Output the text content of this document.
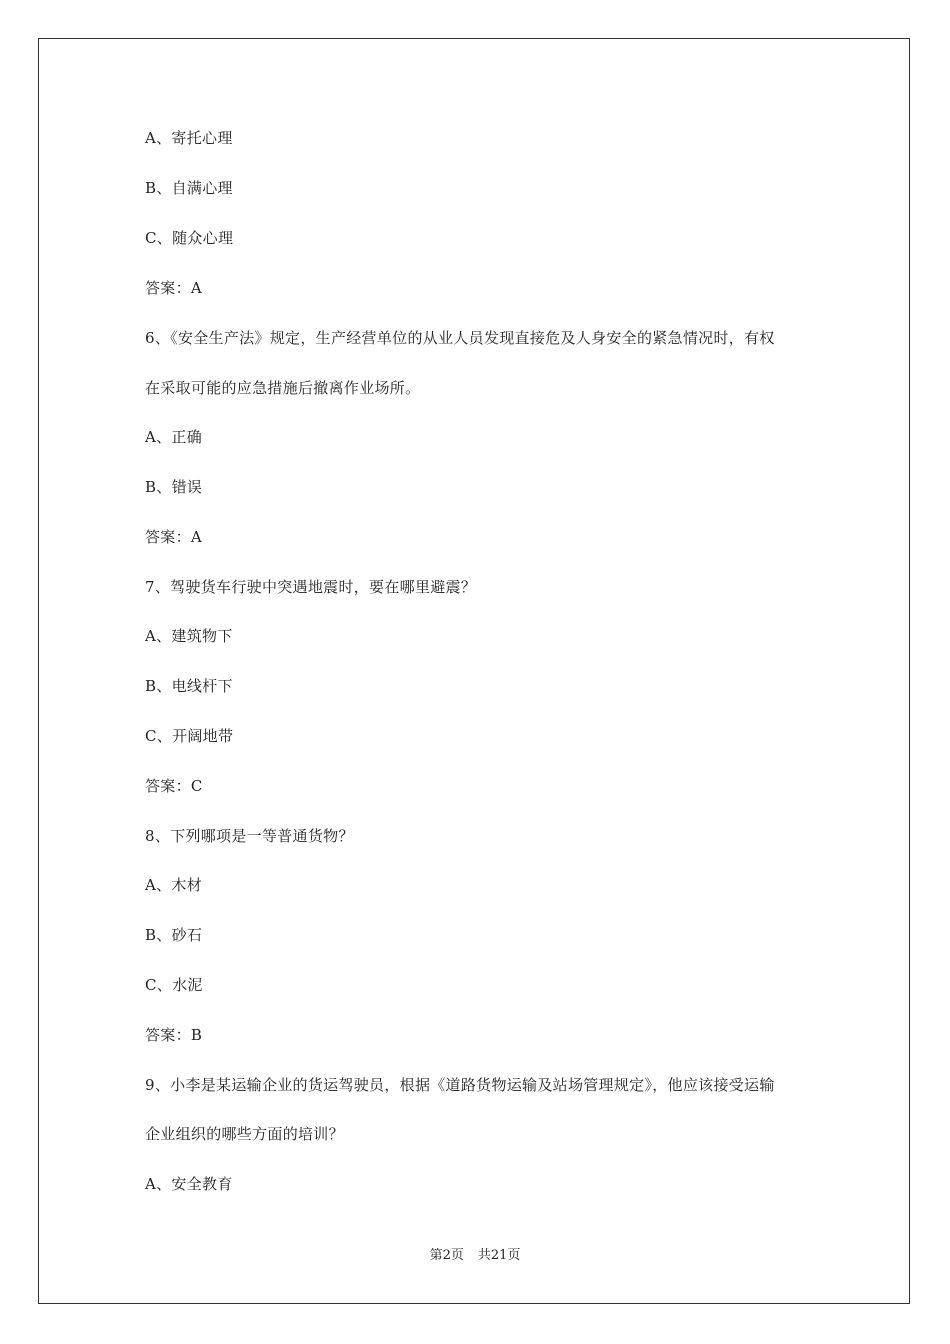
A、寄托心理
B、自满心理
C、随众心理
答案：A
6、《安全生产法》规定，生产经营单位的从业人员发现直接危及人身安全的紧急情况时，有权
在采取可能的应急措施后撤离作业场所。
A、正确
B、错误
答案：A
7、驾驶货车行驶中突遇地震时，要在哪里避震？
A、建筑物下
B、电线杆下
C、开阔地带
答案：C
8、下列哪项是一等普通货物？
A、木材
B、砂石
C、水泥
答案：B
9、小李是某运输企业的货运驾驶员，根据《道路货物运输及站场管理规定》，他应该接受运输
企业组织的哪些方面的培训？
A、安全教育
第2页 共21页
